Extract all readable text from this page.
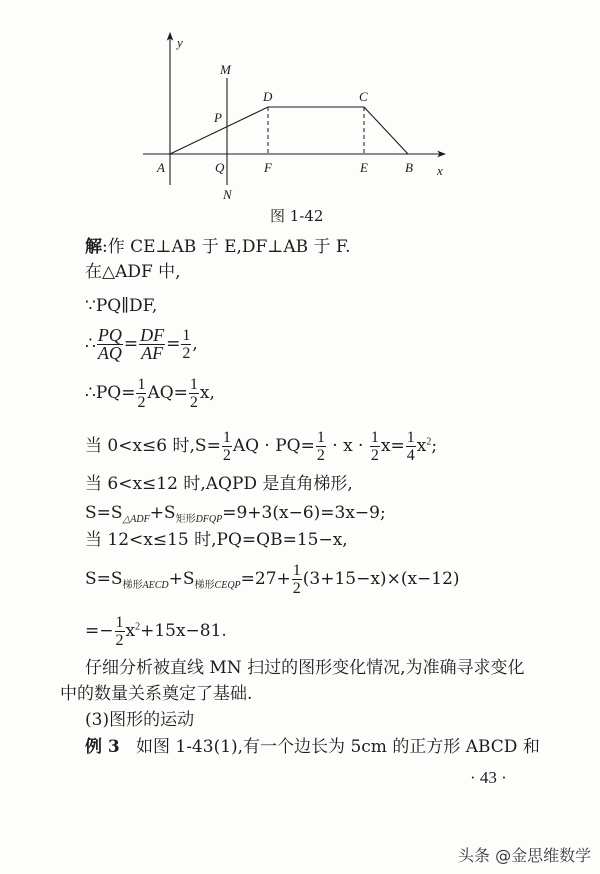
y
M
D	C
P
A	Q	F	E	B x
N
图 1-42
解:作 CE⊥AB 于 E,DF⊥AB 于 F.
在△ADF 中,
∵PQ∥DF,
∴ $\frac{PQ}{AQ} = \frac{DF}{AF} = \frac{1}{2}$ ,
∴PQ= $\frac{1}{2} AQ= \frac{1}{2} x$,
当 0<x≤6 时$,S= \frac{1}{2}$ AQ · $PQ= \frac{1}{2} \cdot x \cdot \frac{1}{2} x= \frac{1}{4} x^2$;
当 6<x≤12 时,AQPD 是直角梯形,
$S=S_{\triangle ADF}+S_{矩形DFQP}=9+3(x-6)=3x-9$;
当 12<x≤15 时,PQ=QB=15−x,
$S=S_{梯形AECD}+S_{梯形CEQP}=27+ \frac{1}{2} (3+15-x)\times(x-12)$
=− $\frac{1}{2} x^2+15x-81$.
仔细分析被直线 MN 扫过的图形变化情况,为准确寻求变化
中的数量关系奠定了基础.
(3)图形的运动
例 3 如图 1-43(1),有一个边长为 5cm 的正方形 ABCD 和
· 43 ·
头条 @金思维数学
